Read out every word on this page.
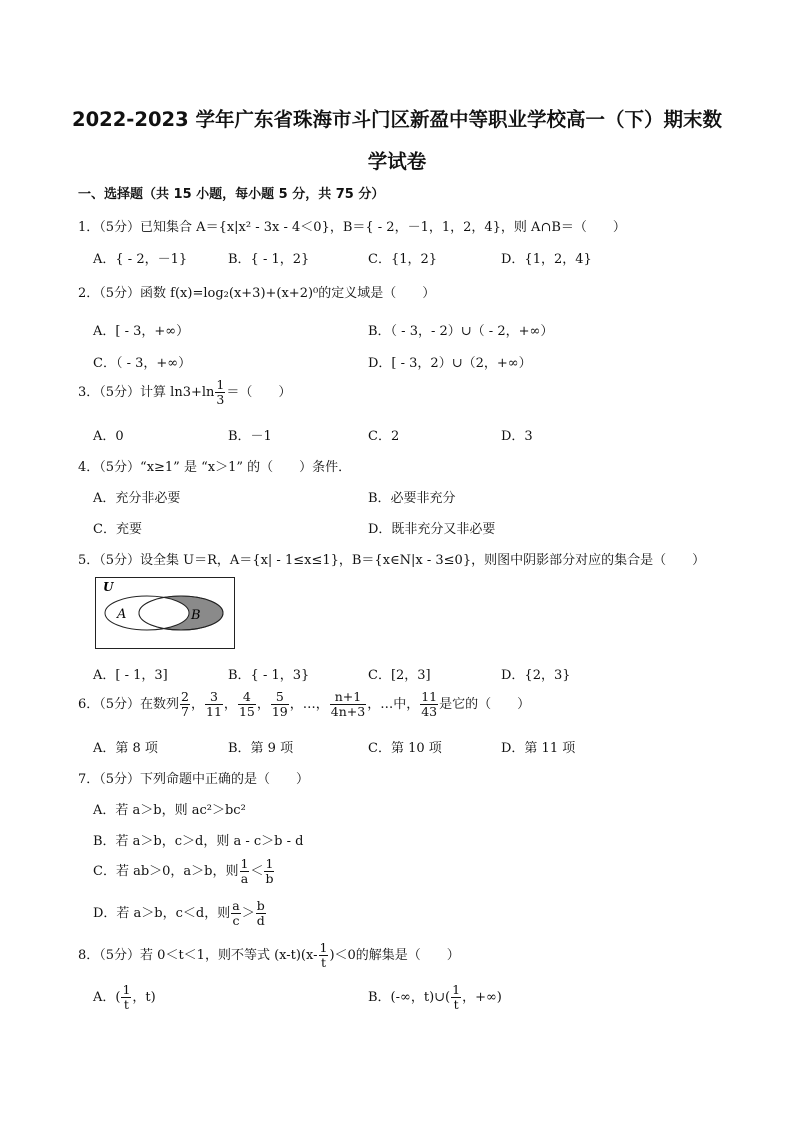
2022-2023 学年广东省珠海市斗门区新盈中等职业学校高一（下）期末数
学试卷
一、选择题（共 15 小题，每小题 5 分，共 75 分）
1．（5分）已知集合 A＝{x|x² - 3x - 4＜0}，B＝{ - 2，－1，1，2，4}，则 A∩B＝（　　）
A．{ - 2，－1}	B．{ - 1，2}	C．{1，2}	D．{1，2，4}
2．（5分）函数 f(x)=log₂(x+3)+(x+2)⁰的定义域是（　　）
A．[ - 3，+∞）	B．（ - 3，- 2）∪（ - 2，+∞）
C．（ - 3，+∞）	D．[ - 3，2）∪（2，+∞）
3．（5分）计算 $\ln 3+\ln \frac{1}{3}$ ＝（　　）
A．0	B．－1	C．2	D．3
4．（5分）“x≥1” 是 “x＞1” 的（　　）条件．
A．充分非必要	B．必要非充分
C．充要	D．既非充分又非必要
5．（5分）设全集 U＝R，A＝{x| - 1≤x≤1}，B＝{x∈N|x - 3≤0}，则图中阴影部分对应的集合是（　　）
U
A	B
A．[ - 1，3]	B．{ - 1，3}	C．[2，3]	D．{2，3}
6．（5分）在数列 $\frac{2}{7}$ ， $\frac{3}{11}$ ， $\frac{4}{15}$ ， $\frac{5}{19}$ ，…， $\frac{n+1}{4n+3}$ ，…中， $\frac{11}{43}$ 是它的（　　）
A．第 8 项	B．第 9 项	C．第 10 项	D．第 11 项
7．（5分）下列命题中正确的是（　　）
A．若 a＞b，则 ac²＞bc²
B．若 a＞b，c＞d，则 a - c＞b - d
C．若 ab＞0，a＞b，则 $\frac{1}{a} < \frac{1}{b}$
D．若 a＞b，c＜d，则 $\frac{a}{c} > \frac{b}{d}$
8．（5分）若 0＜t＜1，则不等式 $(x-t)(x- \frac{1}{t} )<0$的解集是（　　）
A．( $\frac{1}{t}$ ，t)	B．(-∞，t)∪( $\frac{1}{t}$ ，+∞)
